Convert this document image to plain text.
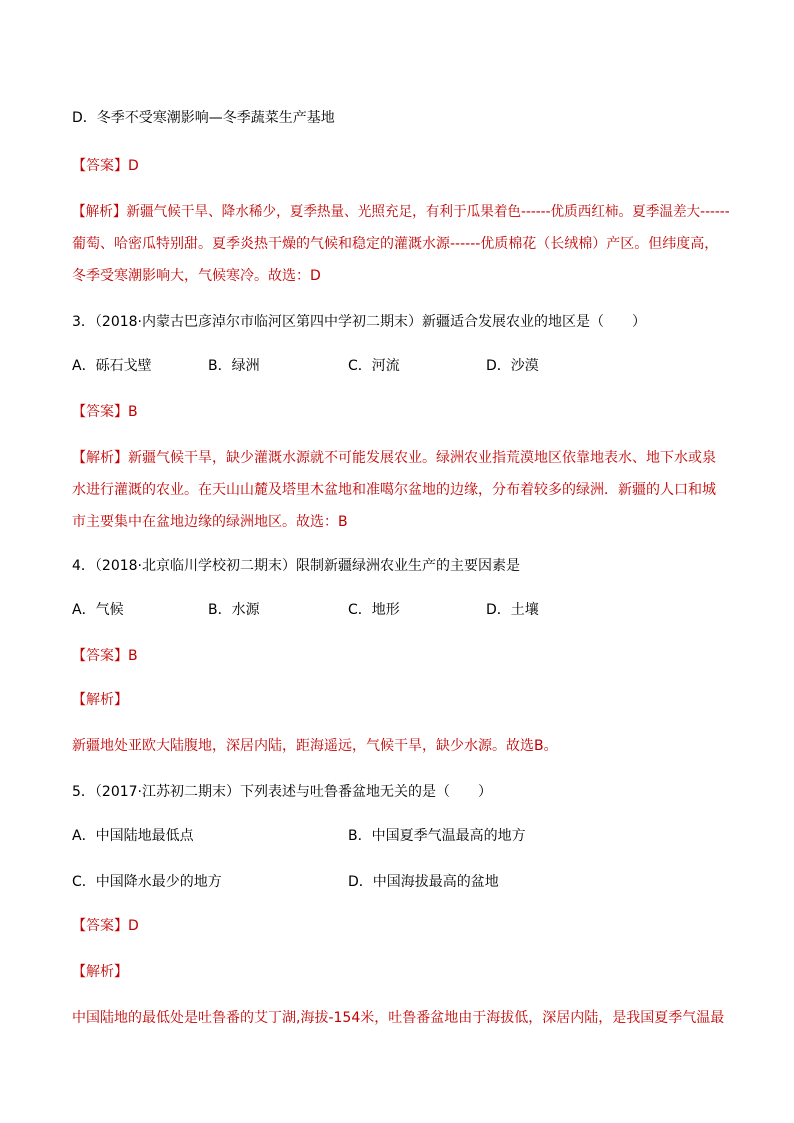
D．冬季不受寒潮影响—冬季蔬菜生产基地
【答案】D
【解析】新疆气候干旱、降水稀少，夏季热量、光照充足，有利于瓜果着色------优质西红柿。夏季温差大------
葡萄、哈密瓜特别甜。夏季炎热干燥的气候和稳定的灌溉水源------优质棉花（长绒棉）产区。但纬度高，
冬季受寒潮影响大，气候寒冷。故选：D
3．（2018·内蒙古巴彦淖尔市临河区第四中学初二期末）新疆适合发展农业的地区是（　　）
A．砾石戈壁	B．绿洲	C．河流	D．沙漠
【答案】B
【解析】新疆气候干旱，缺少灌溉水源就不可能发展农业。绿洲农业指荒漠地区依靠地表水、地下水或泉
水进行灌溉的农业。在天山山麓及塔里木盆地和准噶尔盆地的边缘，分布着较多的绿洲．新疆的人口和城
市主要集中在盆地边缘的绿洲地区。故选：B
4．（2018·北京临川学校初二期末）限制新疆绿洲农业生产的主要因素是
A．气候	B．水源	C．地形	D．土壤
【答案】B
【解析】
新疆地处亚欧大陆腹地，深居内陆，距海遥远，气候干旱，缺少水源。故选B。
5．（2017·江苏初二期末）下列表述与吐鲁番盆地无关的是（　　）
A．中国陆地最低点	B．中国夏季气温最高的地方
C．中国降水最少的地方	D．中国海拔最高的盆地
【答案】D
【解析】
中国陆地的最低处是吐鲁番的艾丁湖,海拔-154米，吐鲁番盆地由于海拔低，深居内陆，是我国夏季气温最
